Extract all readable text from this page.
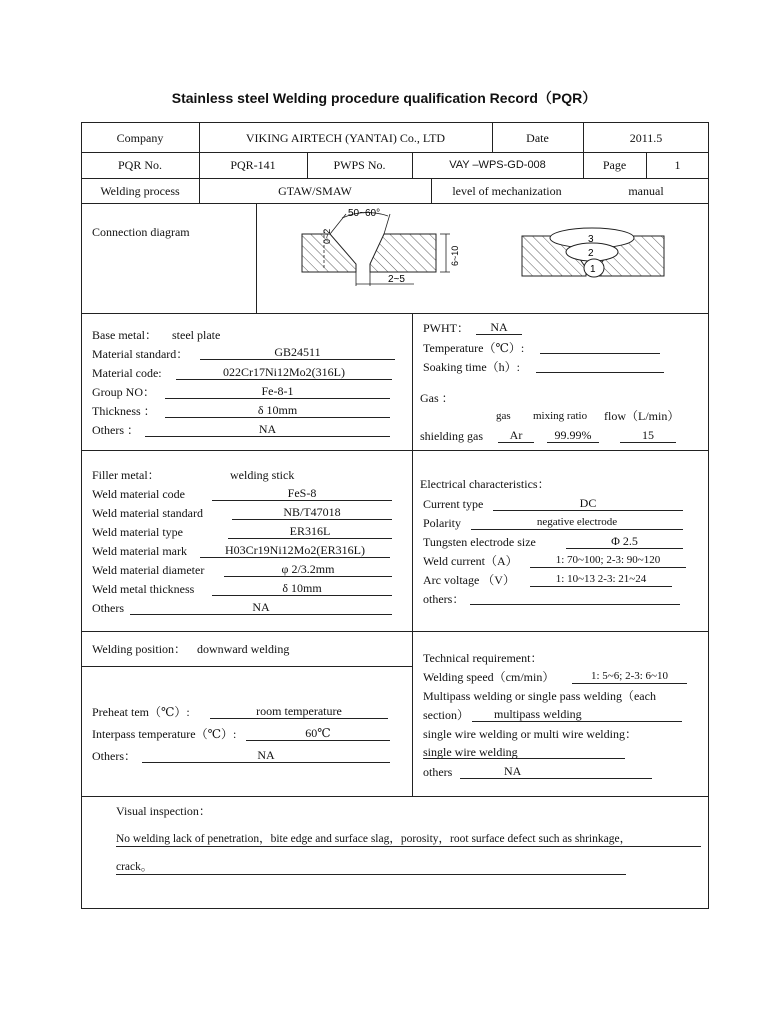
Stainless steel Welding procedure qualification Record（PQR）
Company	VIKING AIRTECH (YANTAI) Co., LTD	Date	2011.5
PQR No.	PQR-141	PWPS No.	VAY –WPS-GD-008	Page	1
Welding process	GTAW/SMAW	level of mechanization	manual
Connection diagram
50~60°
0~2
6~10
2~5
3
2
1
Base metal： steel plate
Material standard：	GB24511
Material code:	022Cr17Ni12Mo2(316L)
Group NO：	Fe-8-1
Thickness ：	δ 10mm
Others ：	NA
PWHT：	NA
Temperature（℃）:
Soaking time（h）:
Gas ：
gas mixing ratio flow（L/min）
shielding gas	Ar	99.99%	15
Filler metal：	welding stick
Weld material code	FeS-8
Weld material standard	NB/T47018
Weld material type	ER316L
Weld material mark	H03Cr19Ni12Mo2(ER316L)
Weld material diameter	φ 2/3.2mm
Weld metal thickness	δ 10mm
Others	NA
Electrical characteristics：
Current type	DC
Polarity	negative electrode
Tungsten electrode size	Φ 2.5
Weld current（A）	1: 70~100; 2-3: 90~120
Arc voltage （V）	1: 10~13 2-3: 21~24
others：
Welding position： downward welding
Preheat tem（℃）:	room temperature
Interpass temperature（℃）:	60℃
Others：	NA
Technical requirement：
Welding speed（cm/min）	1: 5~6; 2-3: 6~10
Multipass welding or single pass welding（each
section）	multipass welding
single wire welding or multi wire welding：
single wire welding
others	NA
Visual inspection：
No welding lack of penetration，bite edge and surface slag，porosity，root surface defect such as shrinkage，
crack。
